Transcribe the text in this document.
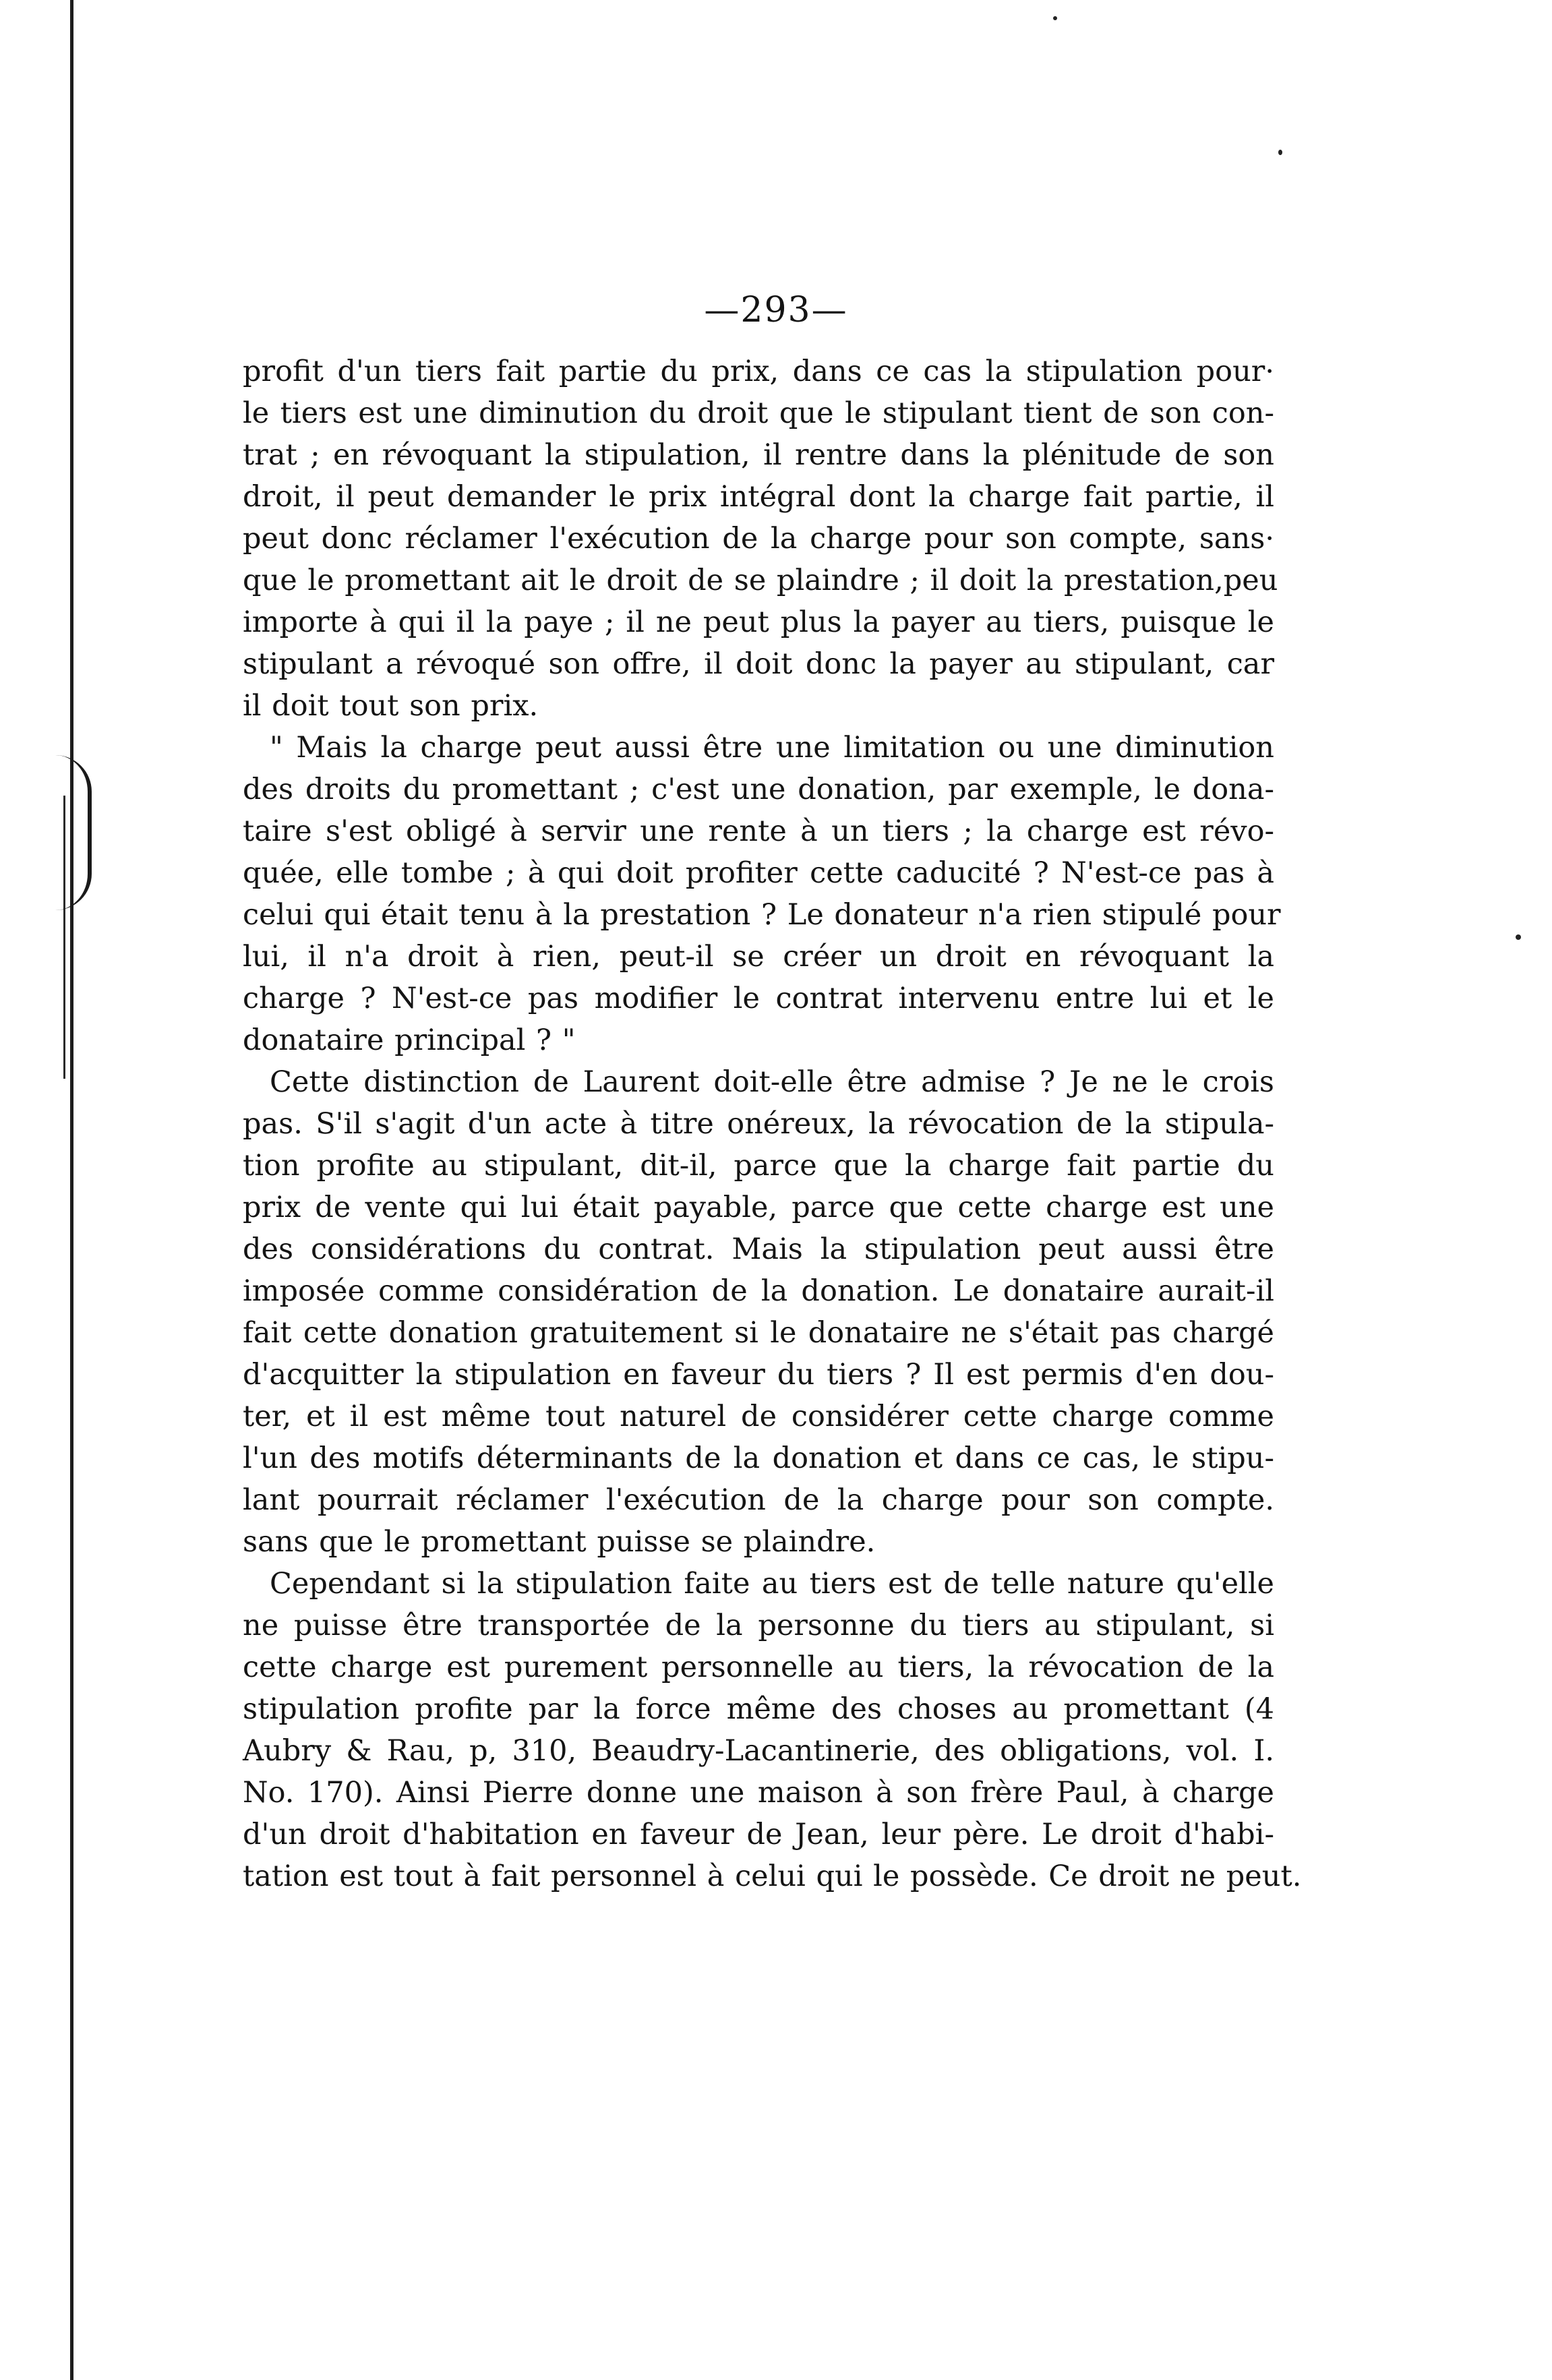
—293—
profit d'un tiers fait partie du prix, dans ce cas la stipulation pour·
le tiers est une diminution du droit que le stipulant tient de son con-
trat ; en révoquant la stipulation, il rentre dans la plénitude de son
droit, il peut demander le prix intégral dont la charge fait partie, il
peut donc réclamer l'exécution de la charge pour son compte, sans·
que le promettant ait le droit de se plaindre ; il doit la prestation,peu
importe à qui il la paye ; il ne peut plus la payer au tiers, puisque le
stipulant a révoqué son offre, il doit donc la payer au stipulant, car
il doit tout son prix.
" Mais la charge peut aussi être une limitation ou une diminution
des droits du promettant ; c'est une donation, par exemple, le dona-
taire s'est obligé à servir une rente à un tiers ; la charge est révo-
quée, elle tombe ; à qui doit profiter cette caducité ? N'est-ce pas à
celui qui était tenu à la prestation ? Le donateur n'a rien stipulé pour
lui, il n'a droit à rien, peut-il se créer un droit en révoquant la
charge ? N'est-ce pas modifier le contrat intervenu entre lui et le
donataire principal ? "
Cette distinction de Laurent doit-elle être admise ? Je ne le crois
pas. S'il s'agit d'un acte à titre onéreux, la révocation de la stipula-
tion profite au stipulant, dit-il, parce que la charge fait partie du
prix de vente qui lui était payable, parce que cette charge est une
des considérations du contrat. Mais la stipulation peut aussi être
imposée comme considération de la donation. Le donataire aurait-il
fait cette donation gratuitement si le donataire ne s'était pas chargé
d'acquitter la stipulation en faveur du tiers ? Il est permis d'en dou-
ter, et il est même tout naturel de considérer cette charge comme
l'un des motifs déterminants de la donation et dans ce cas, le stipu-
lant pourrait réclamer l'exécution de la charge pour son compte.
sans que le promettant puisse se plaindre.
Cependant si la stipulation faite au tiers est de telle nature qu'elle
ne puisse être transportée de la personne du tiers au stipulant, si
cette charge est purement personnelle au tiers, la révocation de la
stipulation profite par la force même des choses au promettant (4
Aubry & Rau, p, 310, Beaudry-Lacantinerie, des obligations, vol. I.
No. 170). Ainsi Pierre donne une maison à son frère Paul, à charge
d'un droit d'habitation en faveur de Jean, leur père. Le droit d'habi-
tation est tout à fait personnel à celui qui le possède. Ce droit ne peut.
